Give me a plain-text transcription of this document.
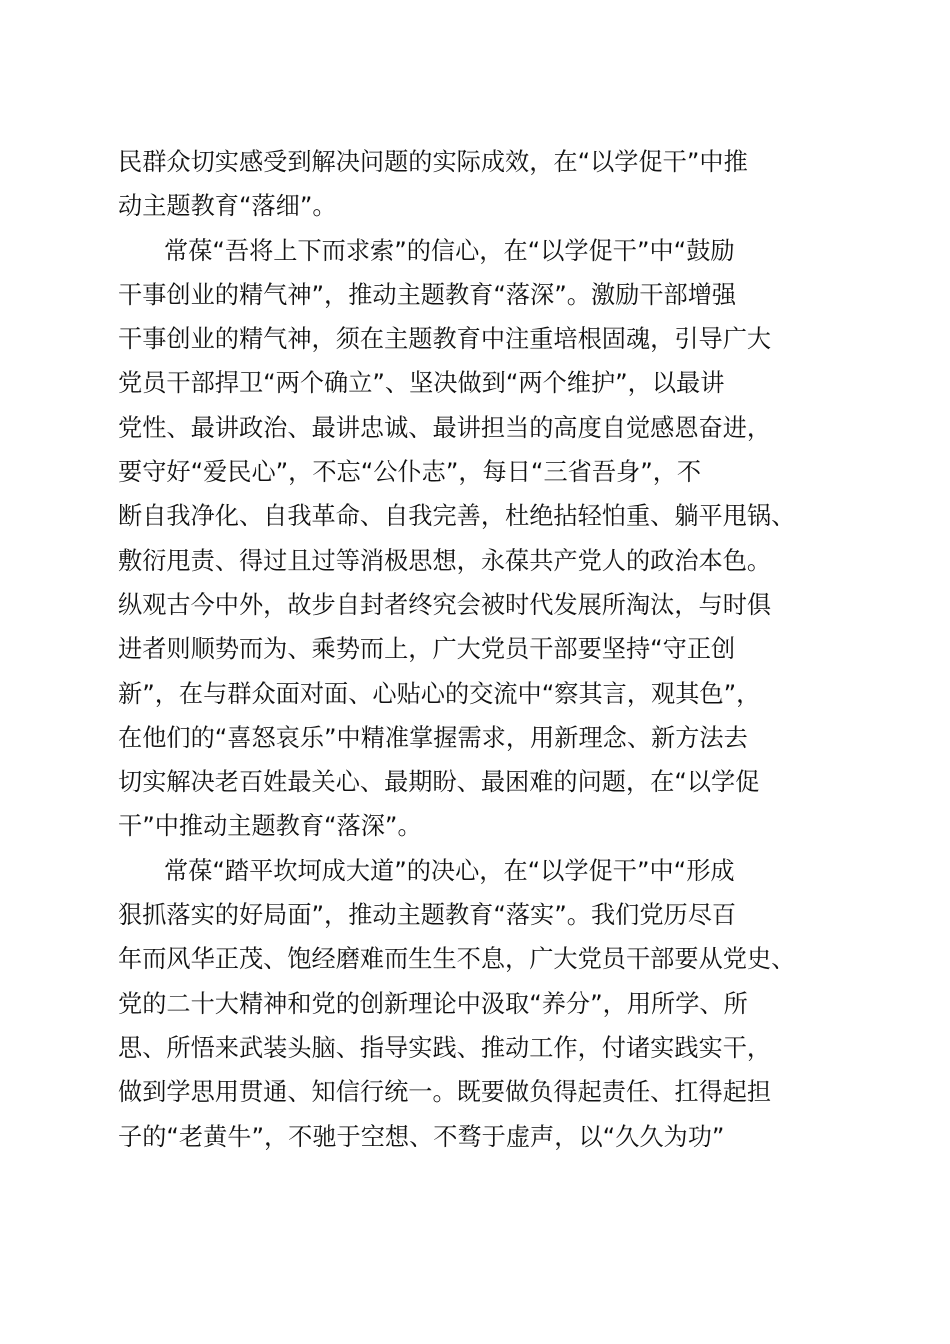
民群众切实感受到解决问题的实际成效，在“以学促干”中推
动主题教育“落细”。
常葆“吾将上下而求索”的信心，在“以学促干”中“鼓励
干事创业的精气神”，推动主题教育“落深”。激励干部增强
干事创业的精气神，须在主题教育中注重培根固魂，引导广大
党员干部捍卫“两个确立”、坚决做到“两个维护”，以最讲
党性、最讲政治、最讲忠诚、最讲担当的高度自觉感恩奋进，
要守好“爱民心”，不忘“公仆志”，每日“三省吾身”，不
断自我净化、自我革命、自我完善，杜绝拈轻怕重、躺平甩锅、
敷衍甩责、得过且过等消极思想，永葆共产党人的政治本色。
纵观古今中外，故步自封者终究会被时代发展所淘汰，与时俱
进者则顺势而为、乘势而上，广大党员干部要坚持“守正创
新”，在与群众面对面、心贴心的交流中“察其言，观其色”，
在他们的“喜怒哀乐”中精准掌握需求，用新理念、新方法去
切实解决老百姓最关心、最期盼、最困难的问题，在“以学促
干”中推动主题教育“落深”。
常葆“踏平坎坷成大道”的决心，在“以学促干”中“形成
狠抓落实的好局面”，推动主题教育“落实”。我们党历尽百
年而风华正茂、饱经磨难而生生不息，广大党员干部要从党史、
党的二十大精神和党的创新理论中汲取“养分”，用所学、所
思、所悟来武装头脑、指导实践、推动工作，付诸实践实干，
做到学思用贯通、知信行统一。既要做负得起责任、扛得起担
子的“老黄牛”，不驰于空想、不骛于虚声，以“久久为功”
